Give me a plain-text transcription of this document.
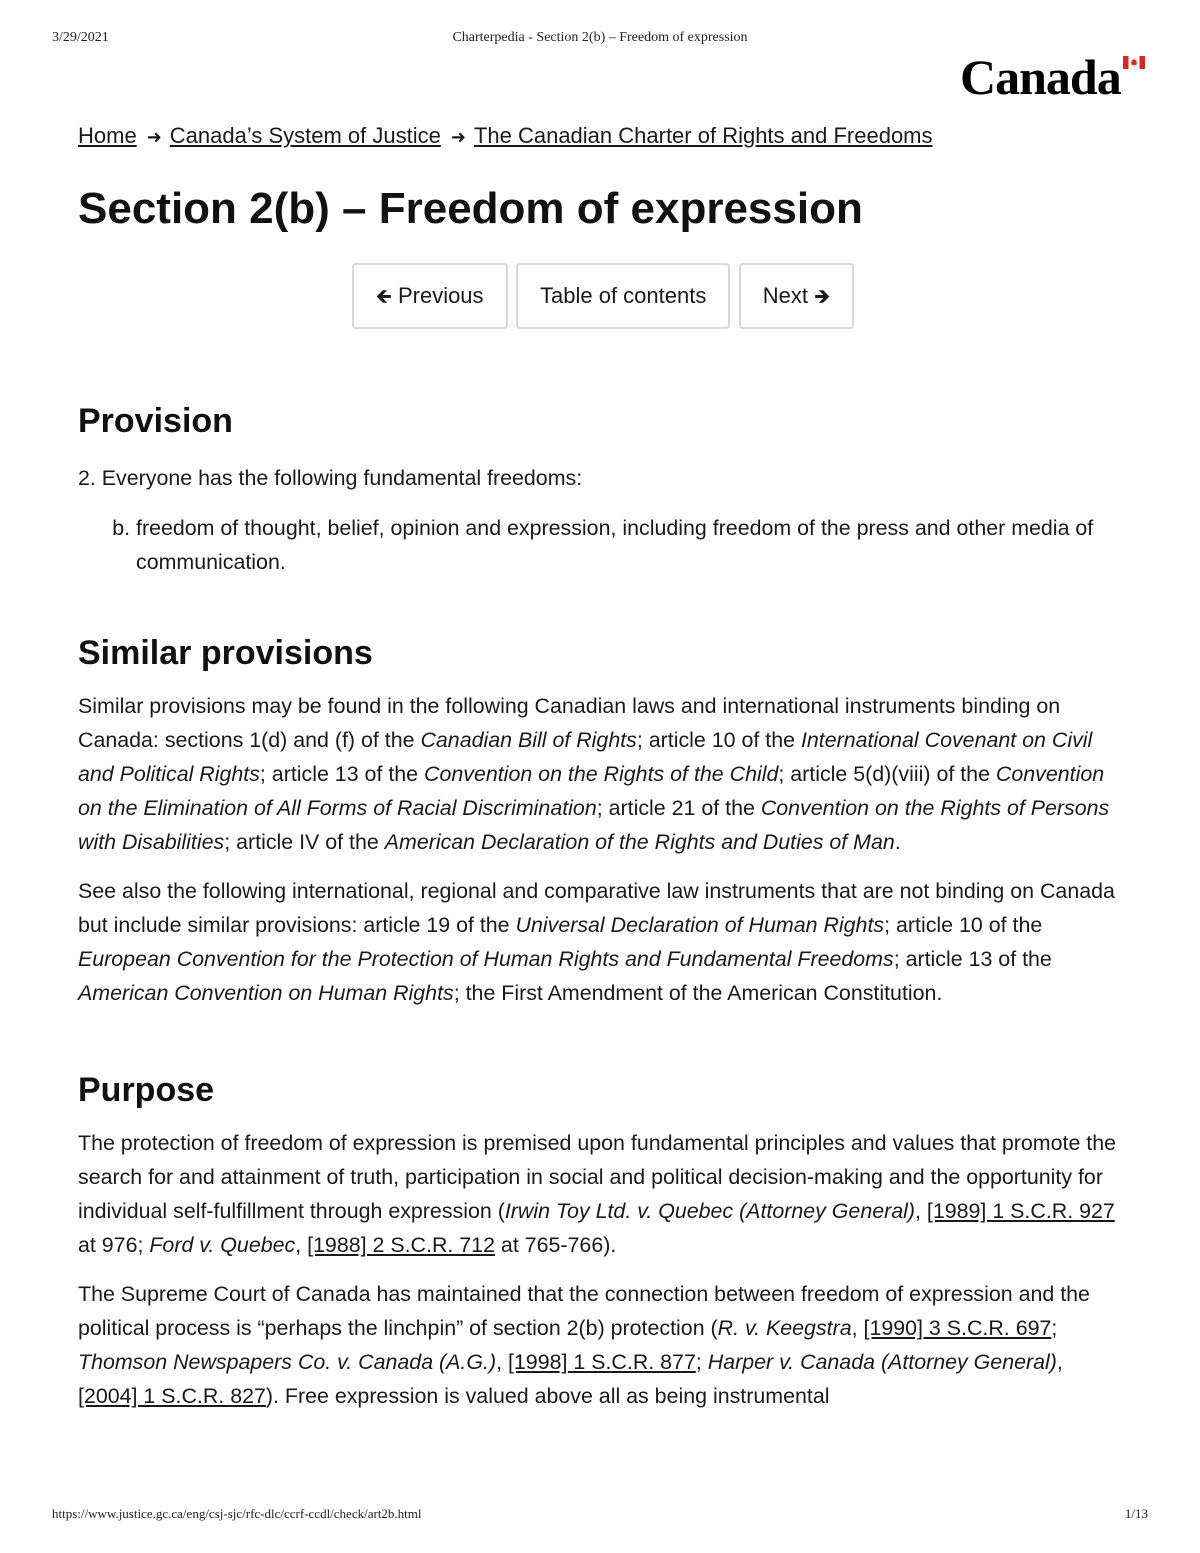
3/29/2021	Charterpedia - Section 2(b) – Freedom of expression
Canada
Home ➜ Canada’s System of Justice ➜ The Canadian Charter of Rights and Freedoms
Section 2(b) – Freedom of expression
🡸 Previous	Table of contents	Next 🡺
Provision

2. Everyone has the following fundamental freedoms:

b. freedom of thought, belief, opinion and expression, including freedom of the press and other media of communication.
Similar provisions

Similar provisions may be found in the following Canadian laws and international instruments binding on Canada: sections 1(d) and (f) of the Canadian Bill of Rights; article 10 of the International Covenant on Civil and Political Rights; article 13 of the Convention on the Rights of the Child; article 5(d)(viii) of the Convention on the Elimination of All Forms of Racial Discrimination; article 21 of the Convention on the Rights of Persons with Disabilities; article IV of the American Declaration of the Rights and Duties of Man.

See also the following international, regional and comparative law instruments that are not binding on Canada but include similar provisions: article 19 of the Universal Declaration of Human Rights; article 10 of the European Convention for the Protection of Human Rights and Fundamental Freedoms; article 13 of the American Convention on Human Rights; the First Amendment of the American Constitution.

Purpose

The protection of freedom of expression is premised upon fundamental principles and values that promote the search for and attainment of truth, participation in social and political decision-making and the opportunity for individual self-fulfillment through expression (Irwin Toy Ltd. v. Quebec (Attorney General), [1989] 1 S.C.R. 927 at 976; Ford v. Quebec, [1988] 2 S.C.R. 712 at 765-766).

The Supreme Court of Canada has maintained that the connection between freedom of expression and the political process is “perhaps the linchpin” of section 2(b) protection (R. v. Keegstra, [1990] 3 S.C.R. 697; Thomson Newspapers Co. v. Canada (A.G.), [1998] 1 S.C.R. 877; Harper v. Canada (Attorney General), [2004] 1 S.C.R. 827). Free expression is valued above all as being instrumental

https://www.justice.gc.ca/eng/csj-sjc/rfc-dlc/ccrf-ccdl/check/art2b.html	1/13
